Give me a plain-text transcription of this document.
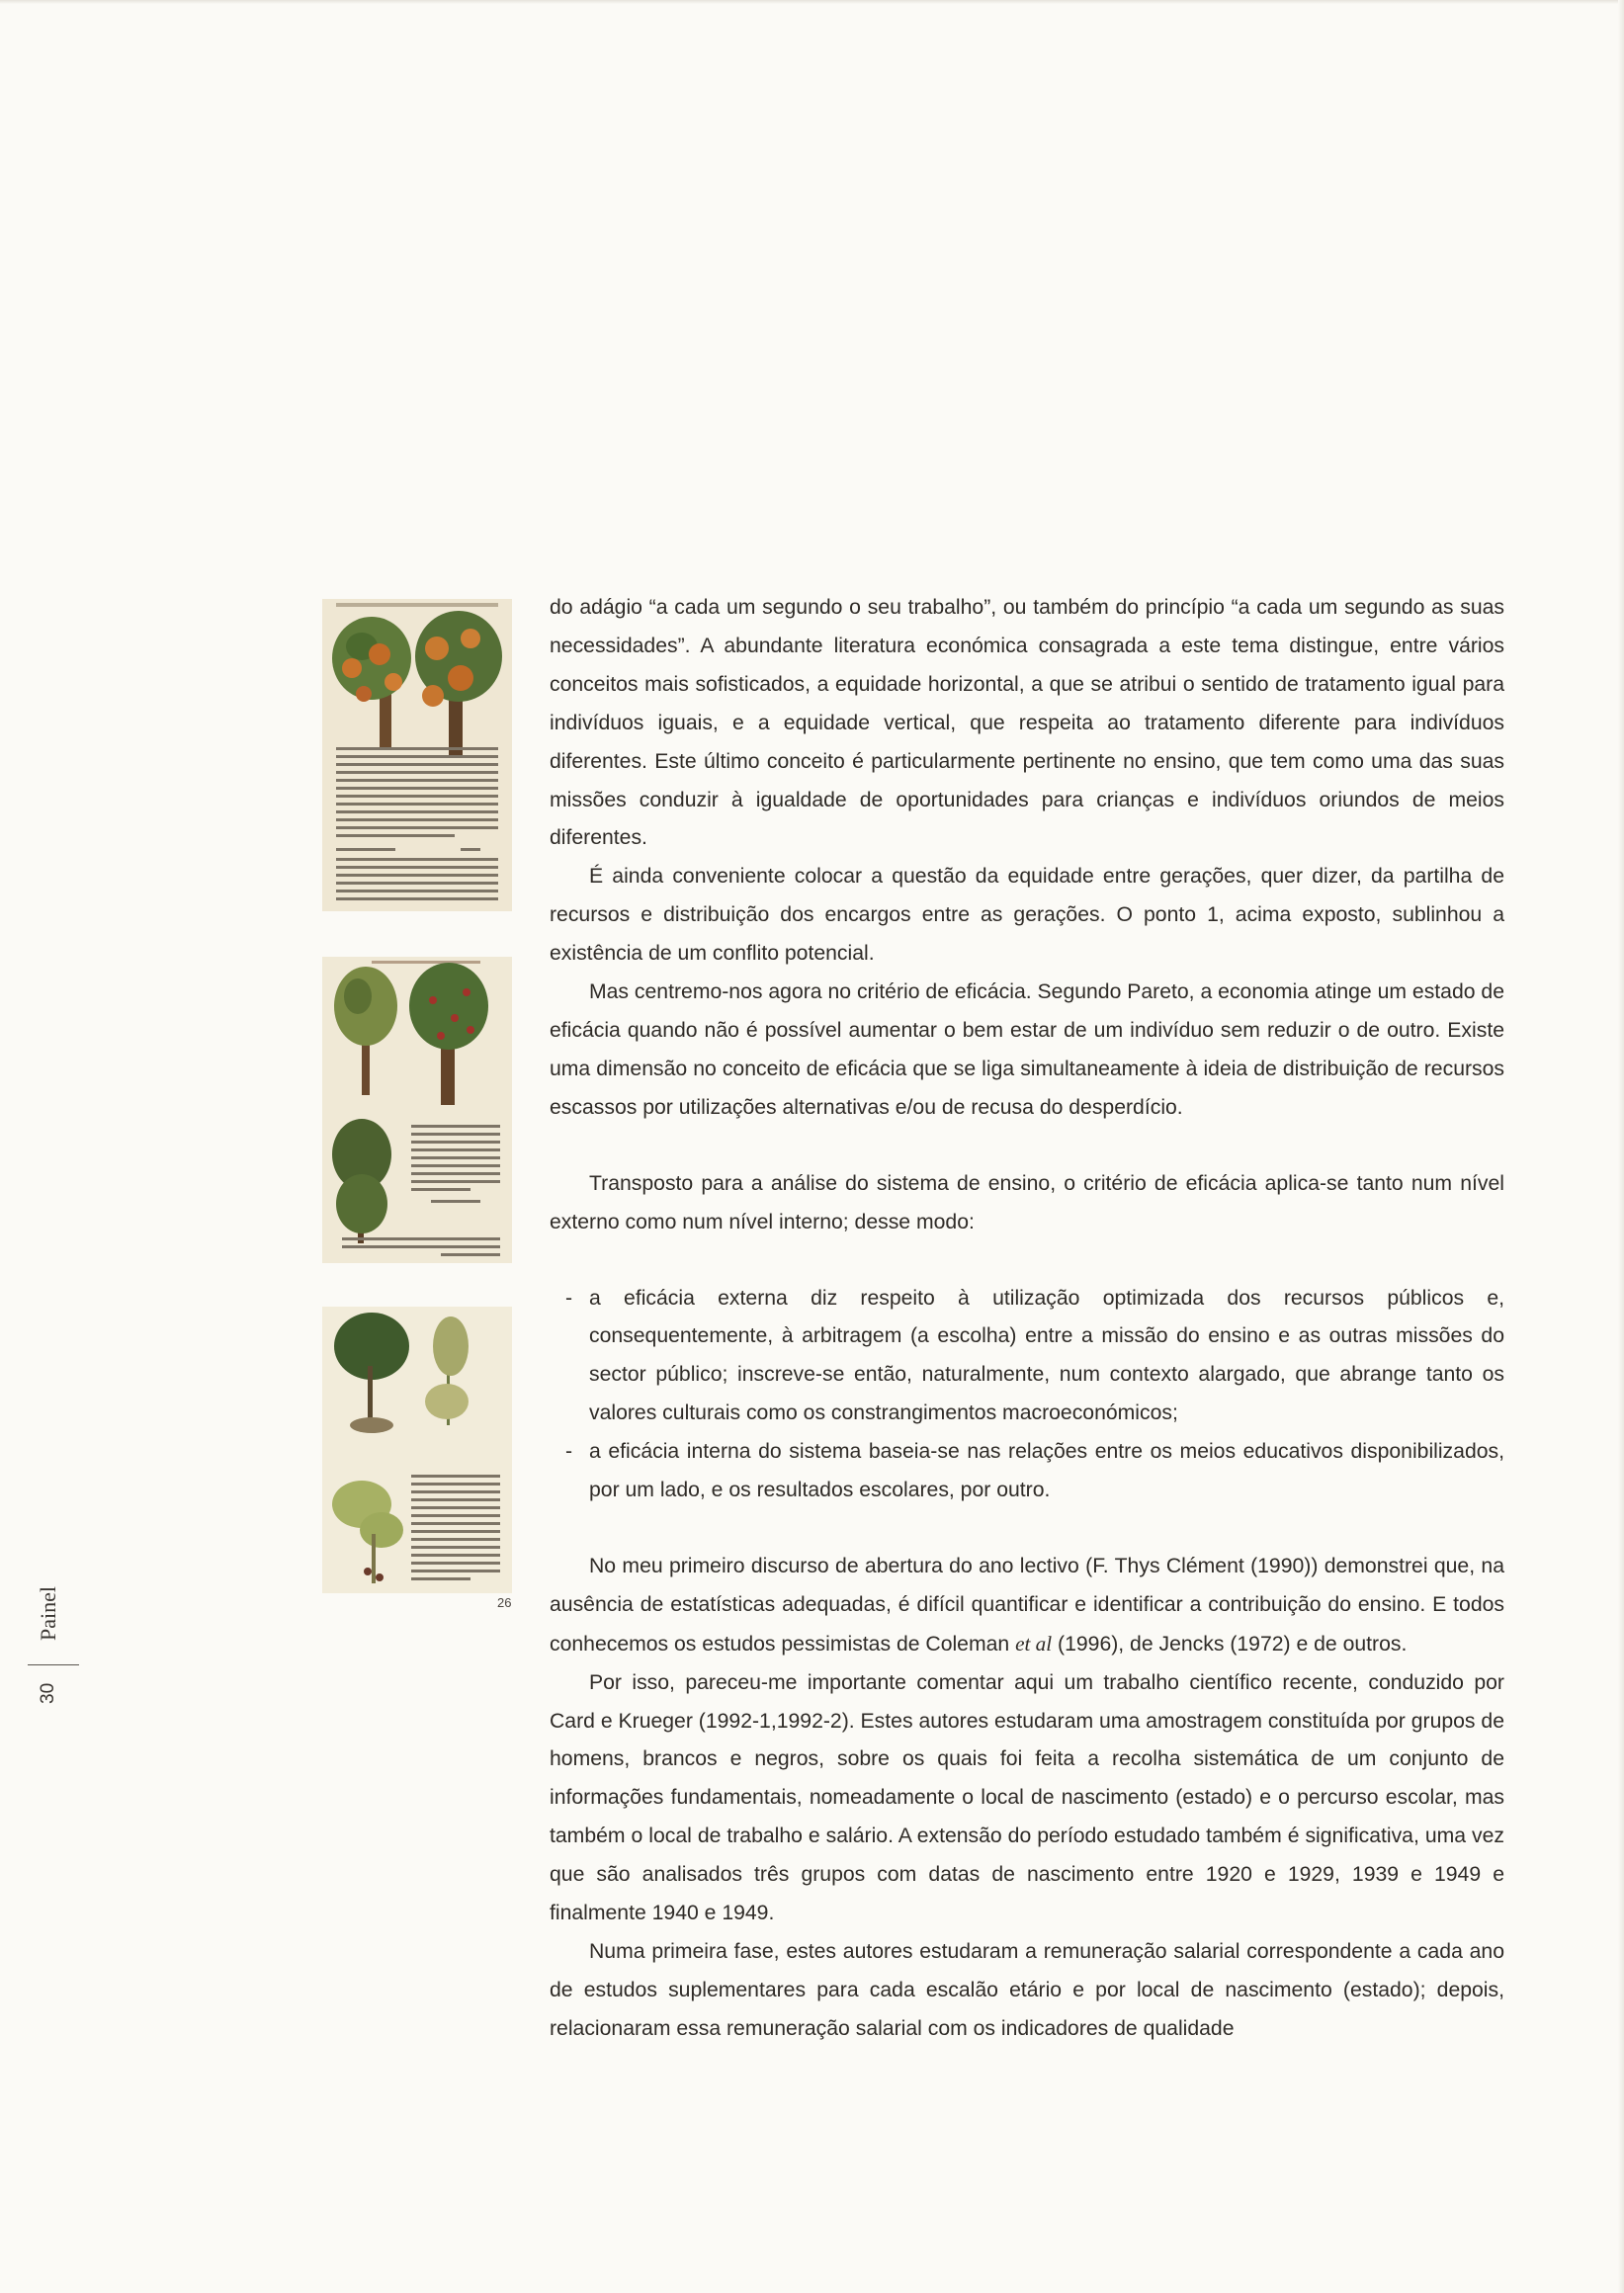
Painel
30
26

do adágio “a cada um segundo o seu trabalho”, ou também do princípio “a cada um segundo as suas necessidades”. A abundante literatura económica consagrada a este tema distingue, entre vários conceitos mais sofisticados, a equidade horizontal, a que se atribui o sentido de tratamento igual para indivíduos iguais, e a equidade vertical, que respeita ao tratamento diferente para indivíduos diferentes. Este último conceito é particularmente pertinente no ensino, que tem como uma das suas missões conduzir à igualdade de oportunidades para crianças e indivíduos oriundos de meios diferentes.

É ainda conveniente colocar a questão da equidade entre gerações, quer dizer, da partilha de recursos e distribuição dos encargos entre as gerações. O ponto 1, acima exposto, sublinhou a existência de um conflito potencial.

Mas centremo-nos agora no critério de eficácia. Segundo Pareto, a economia atinge um estado de eficácia quando não é possível aumentar o bem estar de um indivíduo sem reduzir o de outro. Existe uma dimensão no conceito de eficácia que se liga simultaneamente à ideia de distribuição de recursos escassos por utilizações alternativas e/ou de recusa do desperdício.

Transposto para a análise do sistema de ensino, o critério de eficácia aplica-se tanto num nível externo como num nível interno; desse modo:

- a eficácia externa diz respeito à utilização optimizada dos recursos públicos e, consequentemente, à arbitragem (a escolha) entre a missão do ensino e as outras missões do sector público; inscreve-se então, naturalmente, num contexto alargado, que abrange tanto os valores culturais como os constrangimentos macroeconómicos;
- a eficácia interna do sistema baseia-se nas relações entre os meios educativos disponibilizados, por um lado, e os resultados escolares, por outro.

No meu primeiro discurso de abertura do ano lectivo (F. Thys Clément (1990)) demonstrei que, na ausência de estatísticas adequadas, é difícil quantificar e identificar a contribuição do ensino. E todos conhecemos os estudos pessimistas de Coleman et al (1996), de Jencks (1972) e de outros.

Por isso, pareceu-me importante comentar aqui um trabalho científico recente, conduzido por Card e Krueger (1992-1,1992-2). Estes autores estudaram uma amostragem constituída por grupos de homens, brancos e negros, sobre os quais foi feita a recolha sistemática de um conjunto de informações fundamentais, nomeadamente o local de nascimento (estado) e o percurso escolar, mas também o local de trabalho e salário. A extensão do período estudado também é significativa, uma vez que são analisados três grupos com datas de nascimento entre 1920 e 1929, 1939 e 1949 e finalmente 1940 e 1949.

Numa primeira fase, estes autores estudaram a remuneração salarial correspondente a cada ano de estudos suplementares para cada escalão etário e por local de nascimento (estado); depois, relacionaram essa remuneração salarial com os indicadores de qualidade
